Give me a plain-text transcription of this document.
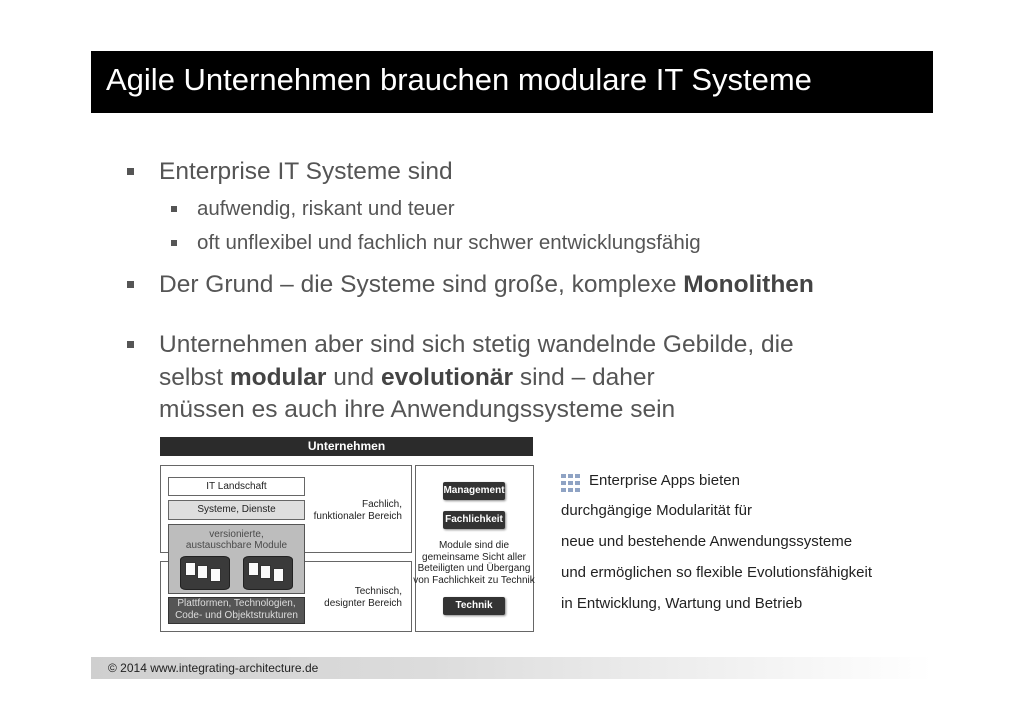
Agile Unternehmen brauchen modulare IT Systeme
Enterprise IT Systeme sind
aufwendig, riskant und teuer
oft unflexibel und fachlich nur schwer entwicklungsfähig
Der Grund – die Systeme sind große, komplexe Monolithen
Unternehmen aber sind sich stetig wandelnde Gebilde, die
selbst modular und evolutionär sind – daher
müssen es auch ihre Anwendungssysteme sein
Unternehmen
IT Landschaft
Systeme, Dienste
versionierte,
austauschbare Module
Plattformen, Technologien,
Code- und Objektstrukturen
Fachlich,
funktionaler Bereich
Technisch,
designter Bereich
Management
Fachlichkeit
Module sind die
gemeinsame Sicht aller
Beteiligten und Übergang
von Fachlichkeit zu Technik
Technik
Enterprise Apps bieten
durchgängige Modularität für
neue und bestehende Anwendungssysteme
und ermöglichen so flexible Evolutionsfähigkeit
in Entwicklung, Wartung und Betrieb
© 2014 www.integrating-architecture.de
